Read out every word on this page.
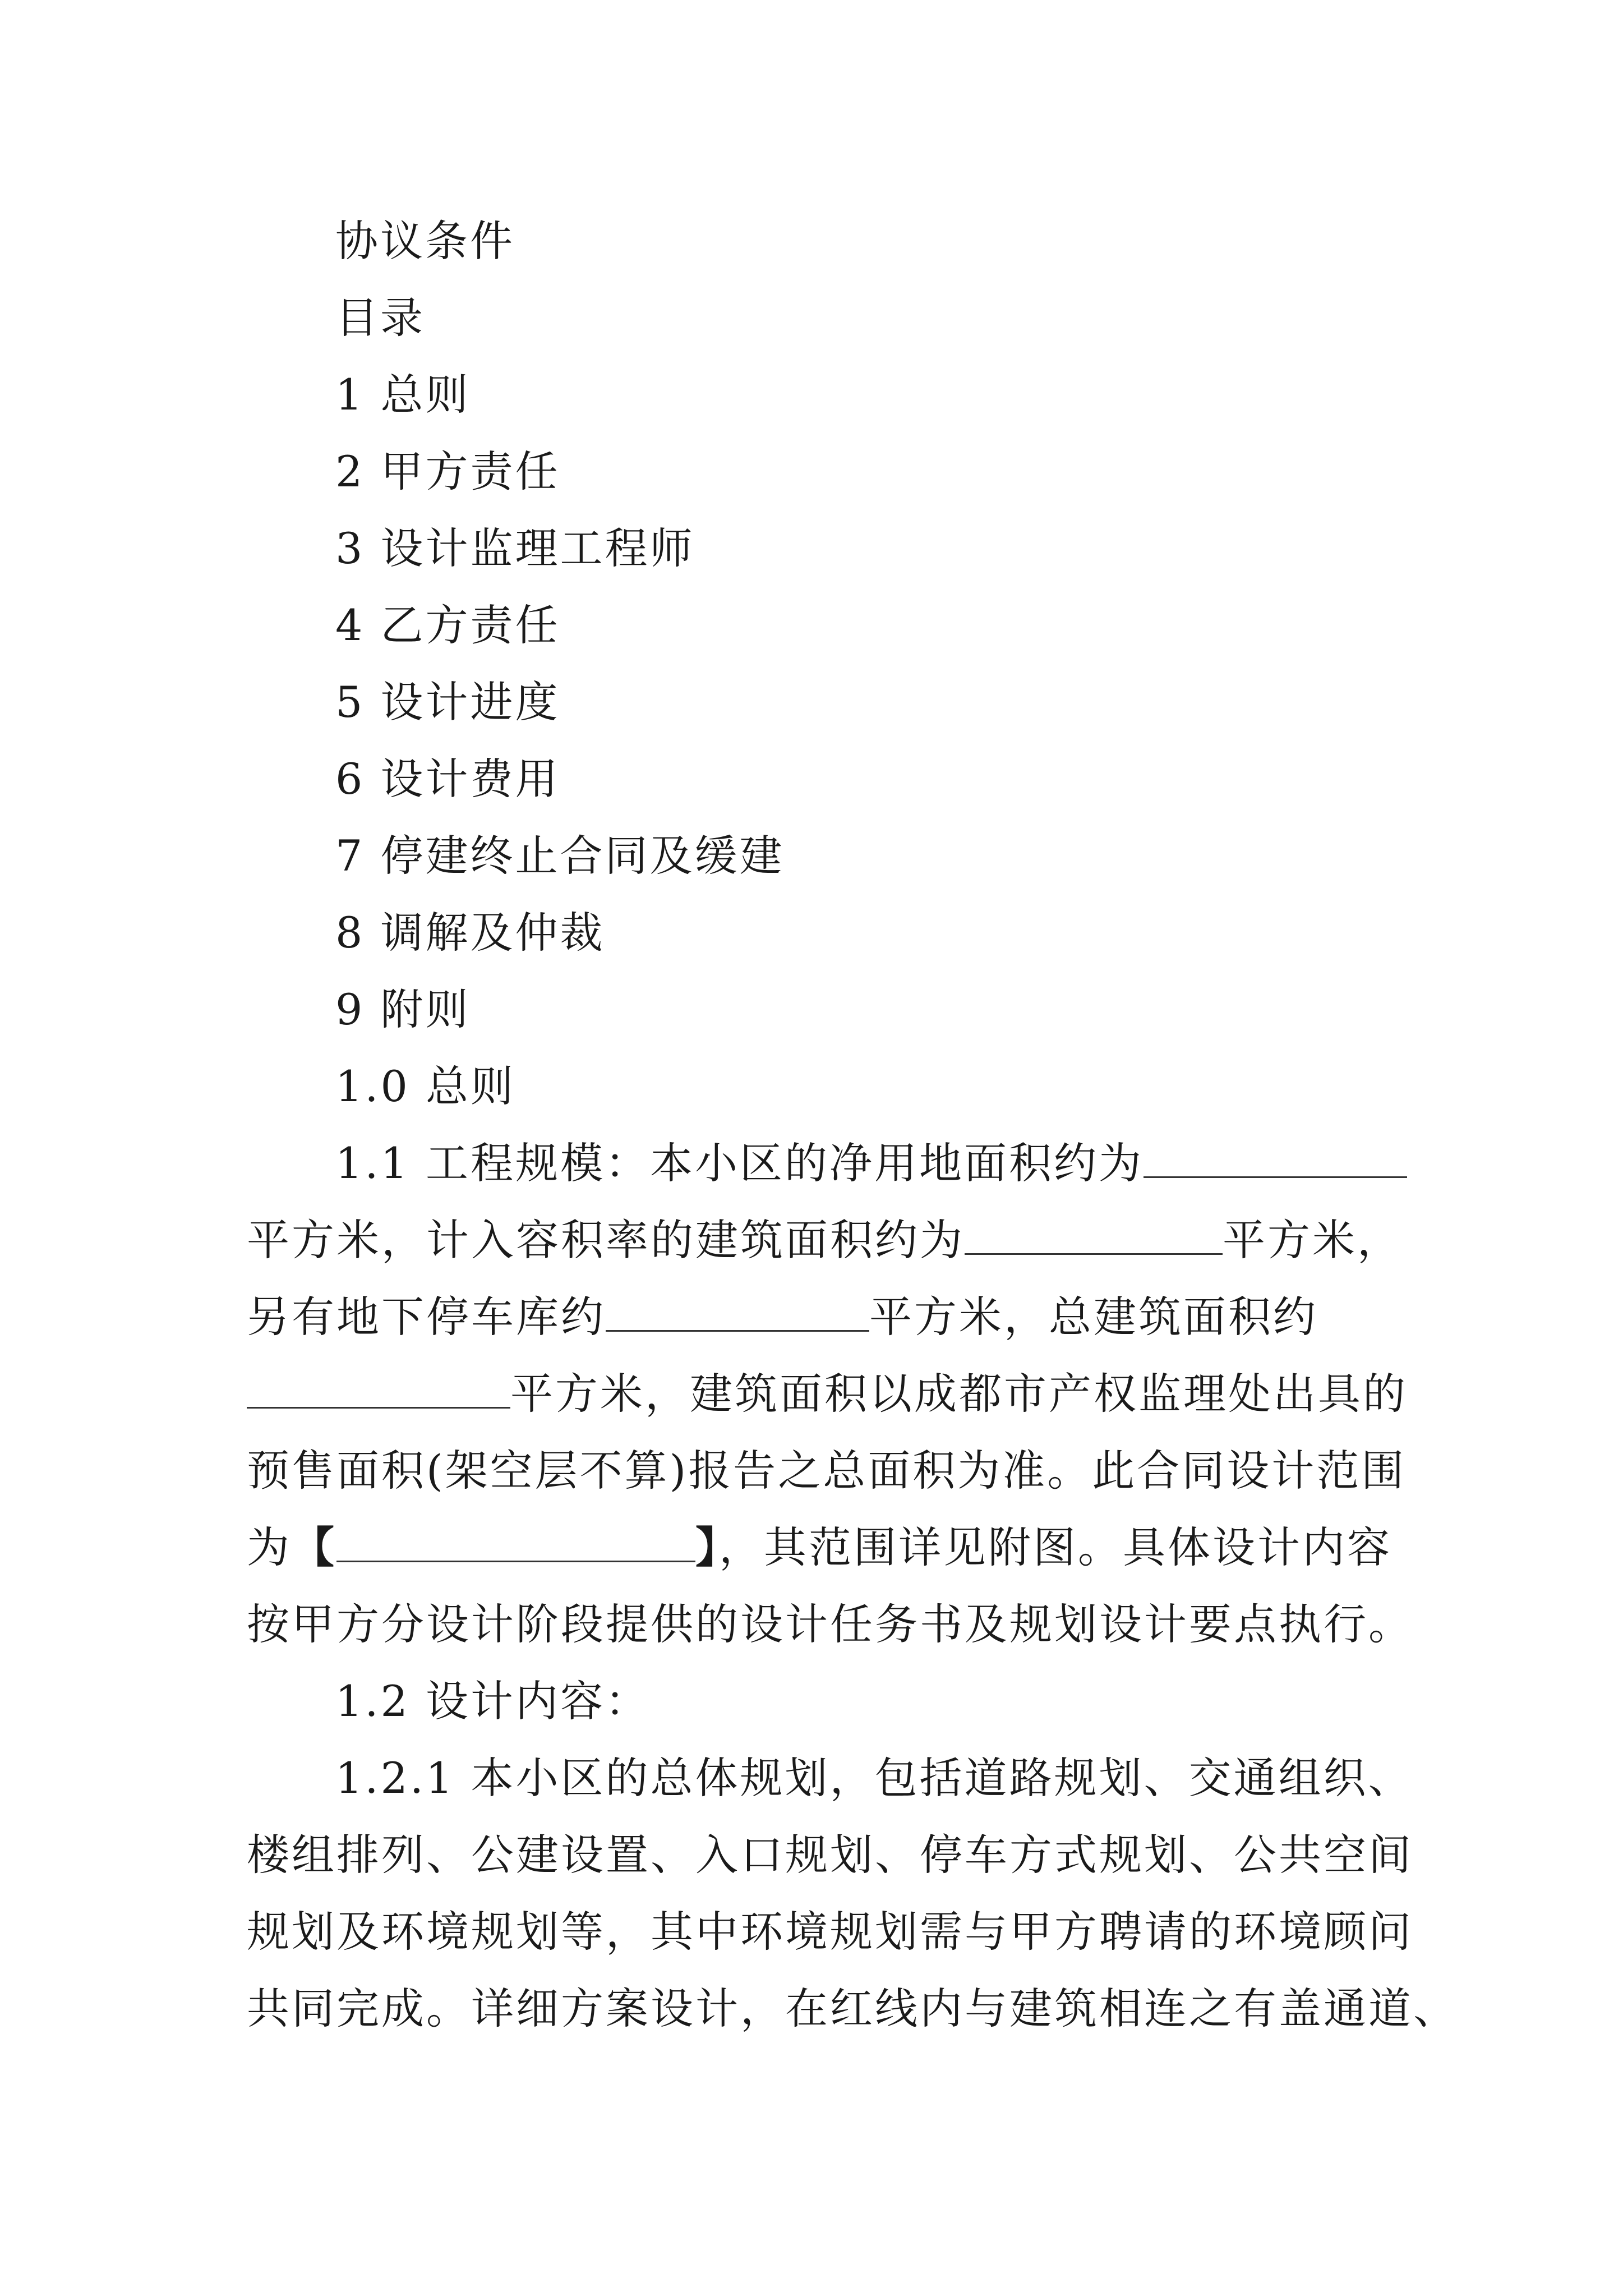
协议条件
目录
1 总则
2 甲方责任
3 设计监理工程师
4 乙方责任
5 设计进度
6 设计费用
7 停建终止合同及缓建
8 调解及仲裁
9 附则
1.0 总则
1.1 工程规模：本小区的净用地面积约为
平方米，计入容积率的建筑面积约为	平方米，
另有地下停车库约	平方米，总建筑面积约
平方米，建筑面积以成都市产权监理处出具的
预售面积(架空层不算)报告之总面积为准。此合同设计范围
为【	】，其范围详见附图。具体设计内容
按甲方分设计阶段提供的设计任务书及规划设计要点执行。
1.2 设计内容：
1.2.1 本小区的总体规划，包括道路规划、交通组织、
楼组排列、公建设置、入口规划、停车方式规划、公共空间
规划及环境规划等，其中环境规划需与甲方聘请的环境顾问
共同完成。详细方案设计，在红线内与建筑相连之有盖通道、
